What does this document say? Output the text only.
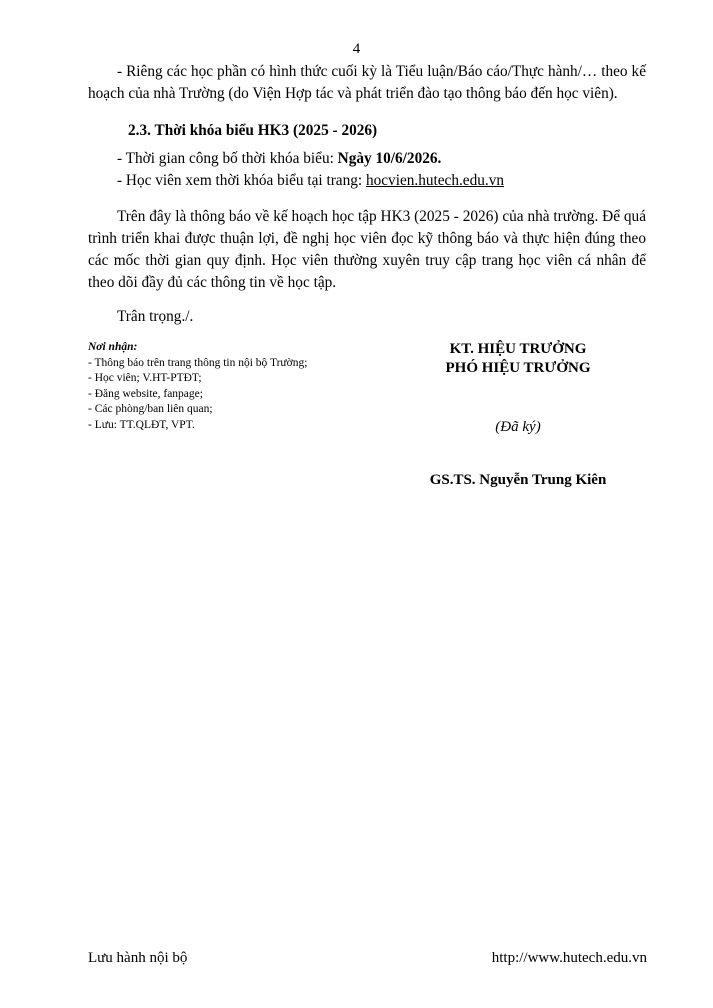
4

- Riêng các học phần có hình thức cuối kỳ là Tiểu luận/Báo cáo/Thực hành/… theo kế hoạch của nhà Trường (do Viện Hợp tác và phát triển đào tạo thông báo đến học viên).

2.3. Thời khóa biểu HK3 (2025 - 2026)

- Thời gian công bố thời khóa biểu: Ngày 10/6/2026.

- Học viên xem thời khóa biểu tại trang: hocvien.hutech.edu.vn

Trên đây là thông báo về kế hoạch học tập HK3 (2025 - 2026) của nhà trường. Để quá trình triển khai được thuận lợi, đề nghị học viên đọc kỹ thông báo và thực hiện đúng theo các mốc thời gian quy định. Học viên thường xuyên truy cập trang học viên cá nhân để theo dõi đầy đủ các thông tin về học tập.

Trân trọng./.

Nơi nhận:
- Thông báo trên trang thông tin nội bộ Trường;
- Học viên; V.HT-PTĐT;
- Đăng website, fanpage;
- Các phòng/ban liên quan;
- Lưu: TT.QLĐT, VPT.
KT. HIỆU TRƯỞNG
PHÓ HIỆU TRƯỞNG
(Đã ký)
GS.TS. Nguyễn Trung Kiên
Lưu hành nội bộ	http://www.hutech.edu.vn
